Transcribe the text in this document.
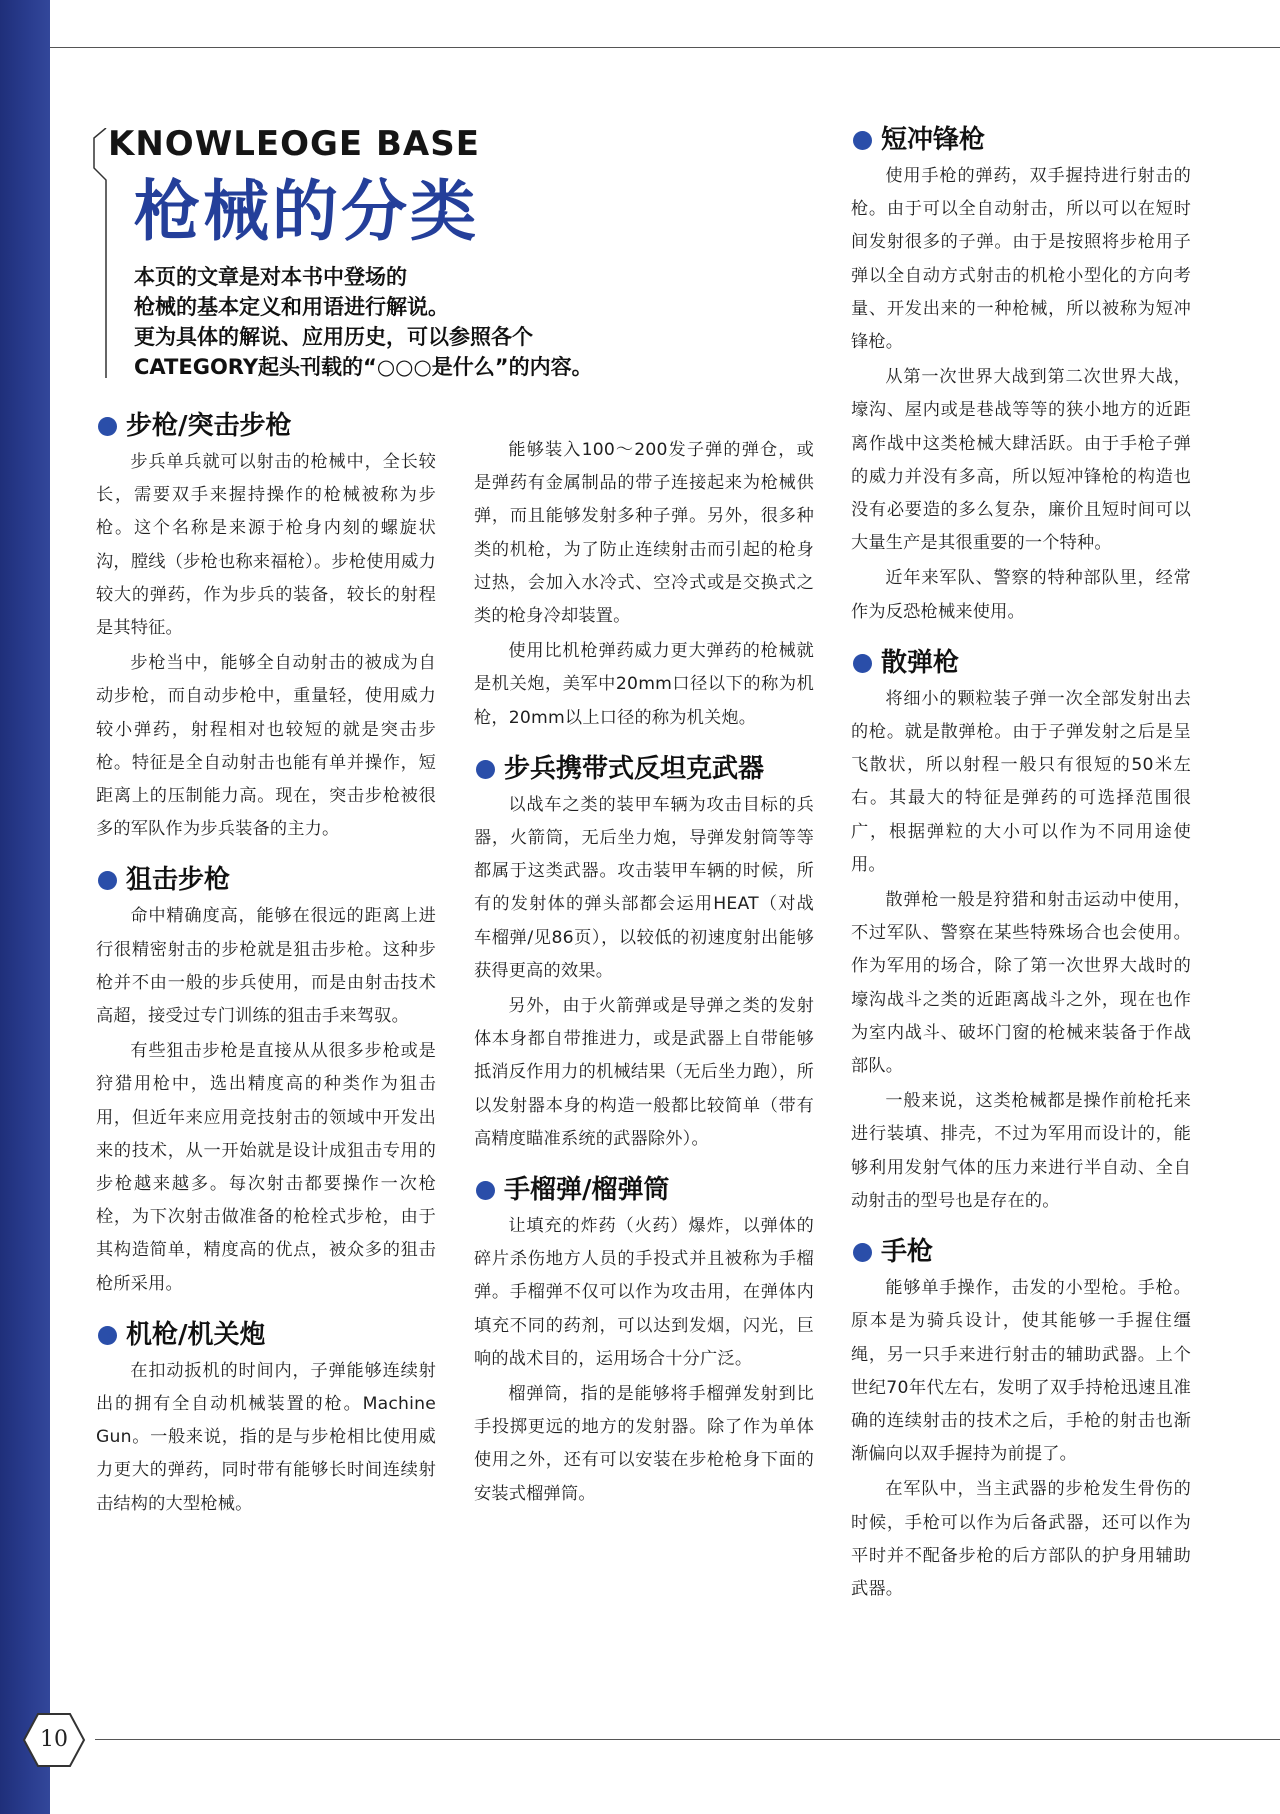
10
KNOWLEOGE BASE
枪械的分类
本页的文章是对本书中登场的
枪械的基本定义和用语进行解说。
更为具体的解说、应用历史，可以参照各个
CATEGORY起头刊载的“○○○是什么”的内容。
步枪/突击步枪

步兵单兵就可以射击的枪械中，全长较长，需要双手来握持操作的枪械被称为步枪。这个名称是来源于枪身内刻的螺旋状沟，膛线（步枪也称来福枪）。步枪使用威力较大的弹药，作为步兵的装备，较长的射程是其特征。

步枪当中，能够全自动射击的被成为自动步枪，而自动步枪中，重量轻，使用威力较小弹药，射程相对也较短的就是突击步枪。特征是全自动射击也能有单并操作，短距离上的压制能力高。现在，突击步枪被很多的军队作为步兵装备的主力。

狙击步枪

命中精确度高，能够在很远的距离上进行很精密射击的步枪就是狙击步枪。这种步枪并不由一般的步兵使用，而是由射击技术高超，接受过专门训练的狙击手来驾驭。

有些狙击步枪是直接从从很多步枪或是狩猎用枪中，选出精度高的种类作为狙击用，但近年来应用竞技射击的领域中开发出来的技术，从一开始就是设计成狙击专用的步枪越来越多。每次射击都要操作一次枪栓，为下次射击做准备的枪栓式步枪，由于其构造简单，精度高的优点，被众多的狙击枪所采用。

机枪/机关炮

在扣动扳机的时间内，子弹能够连续射出的拥有全自动机械装置的枪。Machine Gun。一般来说，指的是与步枪相比使用威力更大的弹药，同时带有能够长时间连续射击结构的大型枪械。

能够装入100～200发子弹的弹仓，或是弹药有金属制品的带子连接起来为枪械供弹，而且能够发射多种子弹。另外，很多种类的机枪，为了防止连续射击而引起的枪身过热，会加入水冷式、空冷式或是交换式之类的枪身冷却装置。

使用比机枪弹药威力更大弹药的枪械就是机关炮，美军中20mm口径以下的称为机枪，20mm以上口径的称为机关炮。

步兵携带式反坦克武器

以战车之类的装甲车辆为攻击目标的兵器，火箭筒，无后坐力炮，导弹发射筒等等都属于这类武器。攻击装甲车辆的时候，所有的发射体的弹头部都会运用HEAT（对战车榴弹/见86页），以较低的初速度射出能够获得更高的效果。

另外，由于火箭弹或是导弹之类的发射体本身都自带推进力，或是武器上自带能够抵消反作用力的机械结果（无后坐力跑），所以发射器本身的构造一般都比较简单（带有高精度瞄准系统的武器除外）。

手榴弹/榴弹筒

让填充的炸药（火药）爆炸，以弹体的碎片杀伤地方人员的手投式并且被称为手榴弹。手榴弹不仅可以作为攻击用，在弹体内填充不同的药剂，可以达到发烟，闪光，巨响的战术目的，运用场合十分广泛。

榴弹筒，指的是能够将手榴弹发射到比手投掷更远的地方的发射器。除了作为单体使用之外，还有可以安装在步枪枪身下面的安装式榴弹筒。

短冲锋枪

使用手枪的弹药，双手握持进行射击的枪。由于可以全自动射击，所以可以在短时间发射很多的子弹。由于是按照将步枪用子弹以全自动方式射击的机枪小型化的方向考量、开发出来的一种枪械，所以被称为短冲锋枪。

从第一次世界大战到第二次世界大战，壕沟、屋内或是巷战等等的狭小地方的近距离作战中这类枪械大肆活跃。由于手枪子弹的威力并没有多高，所以短冲锋枪的构造也没有必要造的多么复杂，廉价且短时间可以大量生产是其很重要的一个特种。

近年来军队、警察的特种部队里，经常作为反恐枪械来使用。

散弹枪

将细小的颗粒装子弹一次全部发射出去的枪。就是散弹枪。由于子弹发射之后是呈飞散状，所以射程一般只有很短的50米左右。其最大的特征是弹药的可选择范围很广，根据弹粒的大小可以作为不同用途使用。

散弹枪一般是狩猎和射击运动中使用，不过军队、警察在某些特殊场合也会使用。作为军用的场合，除了第一次世界大战时的壕沟战斗之类的近距离战斗之外，现在也作为室内战斗、破坏门窗的枪械来装备于作战部队。

一般来说，这类枪械都是操作前枪托来进行装填、排壳，不过为军用而设计的，能够利用发射气体的压力来进行半自动、全自动射击的型号也是存在的。

手枪

能够单手操作，击发的小型枪。手枪。原本是为骑兵设计，使其能够一手握住缰绳，另一只手来进行射击的辅助武器。上个世纪70年代左右，发明了双手持枪迅速且准确的连续射击的技术之后，手枪的射击也渐渐偏向以双手握持为前提了。

在军队中，当主武器的步枪发生骨伤的时候，手枪可以作为后备武器，还可以作为平时并不配备步枪的后方部队的护身用辅助武器。
